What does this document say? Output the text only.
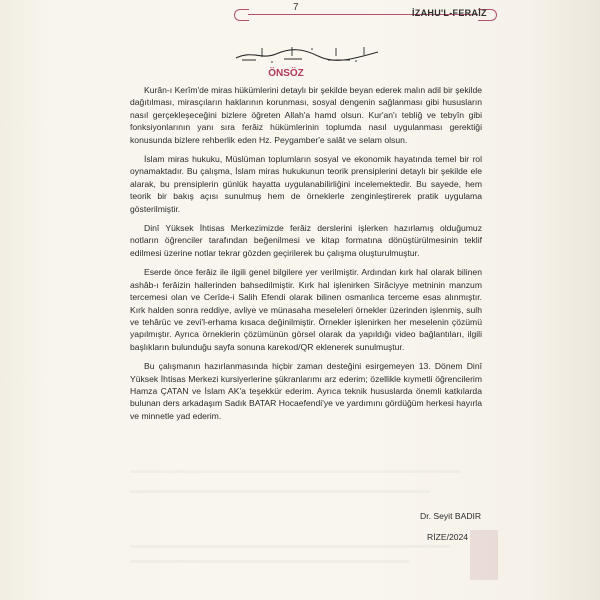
7	İZAHU'L-FERAİZ
ÖNSÖZ

Kurân-ı Kerîm'de miras hükümlerini detaylı bir şekilde beyan ederek malın adil bir şekilde dağıtılması, mirasçıların haklarının korunması, sosyal dengenin sağlanması gibi hususların nasıl gerçekleşeceğini bizlere öğreten Allah'a hamd olsun. Kur'an'ı tebliğ ve tebyîn gibi fonksiyonlarının yanı sıra ferâiz hükümlerinin toplumda nasıl uygulanması gerektiği konusunda bizlere rehberlik eden Hz. Peygamber'e salât ve selam olsun.

İslam miras hukuku, Müslüman toplumların sosyal ve ekonomik hayatında temel bir rol oynamaktadır. Bu çalışma, İslam miras hukukunun teorik prensiplerini detaylı bir şekilde ele alarak, bu prensiplerin günlük hayatta uygulanabilirliğini incelemektedir. Bu sayede, hem teorik bir bakış açısı sunulmuş hem de örneklerle zenginleştirerek pratik uygulama gösterilmiştir.

Dinî Yüksek İhtisas Merkezimizde ferâiz derslerini işlerken hazırlamış olduğumuz notların öğrenciler tarafından beğenilmesi ve kitap formatına dönüştürülmesinin teklif edilmesi üzerine notlar tekrar gözden geçirilerek bu çalışma oluşturulmuştur.

Eserde önce ferâiz ile ilgili genel bilgilere yer verilmiştir. Ardından kırk hal olarak bilinen ashâb-ı ferâizin hallerinden bahsedilmiştir. Kırk hal işlenirken Sirâciyye metninin manzum tercemesi olan ve Cerîde-i Salih Efendi olarak bilinen osmanlıca terceme esas alınmıştır. Kırk halden sonra reddiye, avliye ve münasaha meseleleri örnekler üzerinden işlenmiş, sulh ve tehârüc ve zevi'l-erhama kısaca değinilmiştir. Örnekler işlenirken her meselenin çözümü yapılmıştır. Ayrıca örneklerin çözümünün görsel olarak da yapıldığı video bağlantıları, ilgili başlıkların bulunduğu sayfa sonuna karekod/QR eklenerek sunulmuştur.

Bu çalışmanın hazırlanmasında hiçbir zaman desteğini esirgemeyen 13. Dönem Dinî Yüksek İhtisas Merkezi kursiyerlerine şükranlarımı arz ederim; özellikle kıymetli öğrencilerim Hamza ÇATAN ve İslam AK'a teşekkür ederim. Ayrıca teknik hususlarda önemli katkılarda bulunan ders arkadaşım Sadık BATAR Hocaefendi'ye ve yardımını gördüğüm herkesi hayırla ve minnetle yad ederim.

Dr. Seyit BADIR
RİZE/2024
